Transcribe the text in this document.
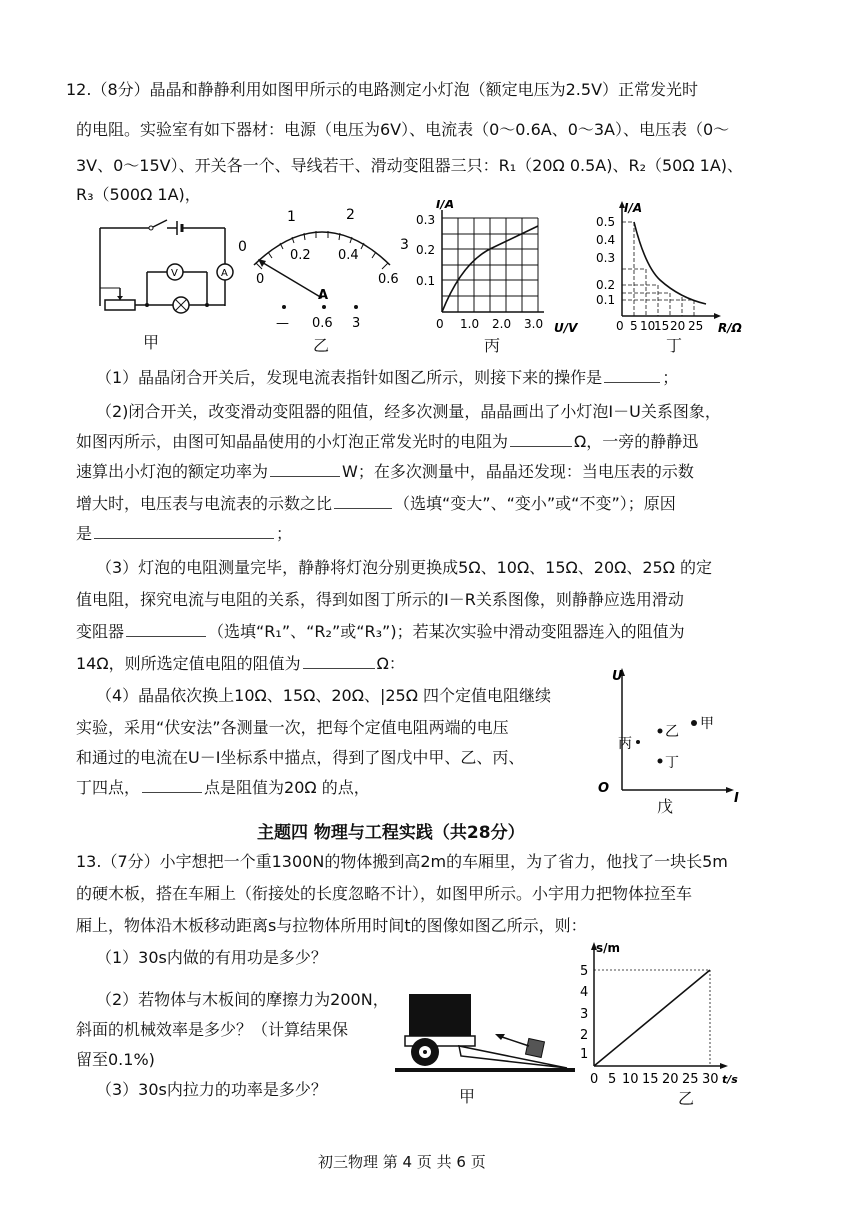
12.（8分）晶晶和静静利用如图甲所示的电路测定小灯泡（额定电压为2.5V）正常发光时
的电阻。实验室有如下器材：电源（电压为6V）、电流表（0～0.6A、0～3A）、电压表（0～
3V、0～15V）、开关各一个、导线若干、滑动变阻器三只：R₁（20Ω 0.5A)、R₂（50Ω 1A)、
R₃（500Ω 1A)，
A
V
甲
0
1	2
3
0
0.2 0.4
0.6
A
— 0.6 3
乙
I/A
0.3
0.2
0.1
0 1.0 2.0 3.0 U/V
丙
I/A
0.5
0.4
0.3
0.2
0.1
0 5 10
15 20 25 R/Ω
丁
（1）晶晶闭合开关后，发现电流表指针如图乙所示，则接下来的操作是	；
（2)闭合开关，改变滑动变阻器的阻值，经多次测量，晶晶画出了小灯泡I－U关系图象，
如图丙所示，由图可知晶晶使用的小灯泡正常发光时的电阻为	Ω，一旁的静静迅
速算出小灯泡的额定功率为	W；在多次测量中，晶晶还发现：当电压表的示数
增大时，电压表与电流表的示数之比	（选填“变大”、“变小”或“不变”）；原因
是	；
（3）灯泡的电阻测量完毕，静静将灯泡分别更换成5Ω、10Ω、15Ω、20Ω、25Ω 的定
值电阻，探究电流与电阻的关系，得到如图丁所示的I－R关系图像，则静静应选用滑动
变阻器	（选填“R₁”、“R₂”或“R₃”)；若某次实验中滑动变阻器连入的阻值为
14Ω，则所选定值电阻的阻值为	Ω：
（4）晶晶依次换上10Ω、15Ω、20Ω、|25Ω 四个定值电阻继续
实验，采用“伏安法”各测量一次，把每个定值电阻两端的电压
和通过的电流在U－I坐标系中描点，得到了图戊中甲、乙、丙、
丁四点，	点是阻值为20Ω 的点，
U
O
I
甲
乙
丙
丁
戊
主题四 物理与工程实践（共28分）
13.（7分）小宇想把一个重1300N的物体搬到高2m的车厢里，为了省力，他找了一块长5m
的硬木板，搭在车厢上（衔接处的长度忽略不计），如图甲所示。小宇用力把物体拉至车
厢上，物体沿木板移动距离s与拉物体所用时间t的图像如图乙所示，则：
（1）30s内做的有用功是多少？
（2）若物体与木板间的摩擦力为200N，
斜面的机械效率是多少？（计算结果保
留至0.1%)
（3）30s内拉力的功率是多少？	甲
s/m
5
4
3
2
1
0 5 10 15 20 25 30 t/s
乙
初三物理 第 4 页 共 6 页
